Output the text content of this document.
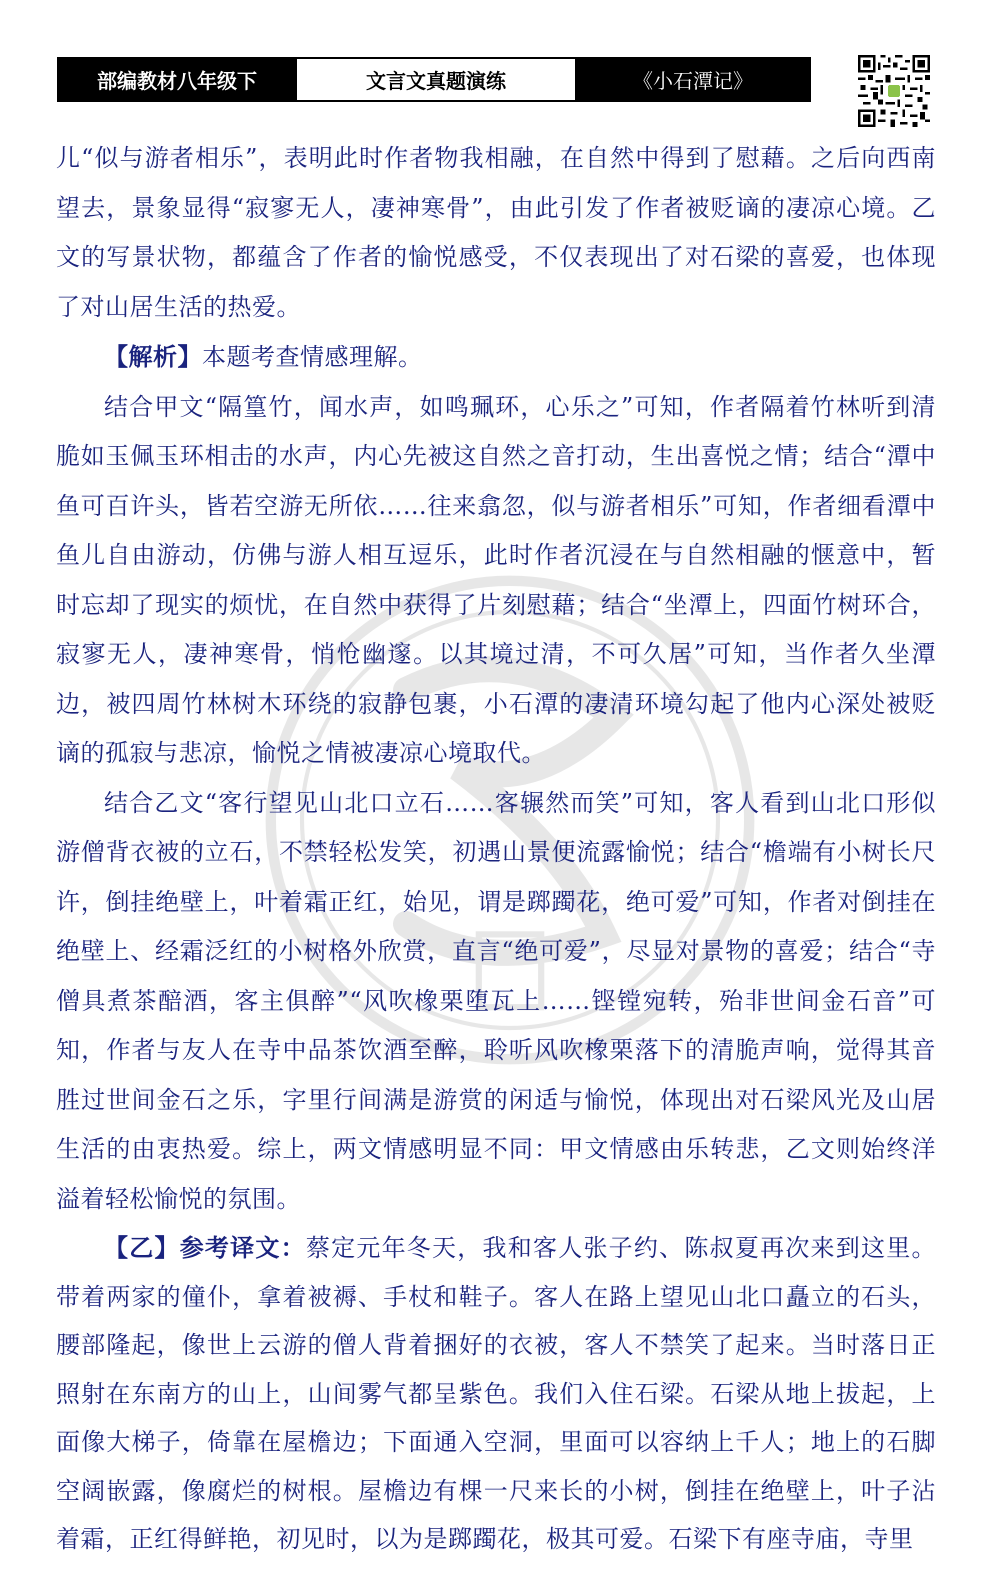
部编教材八年级下	文言文真题演练	《小石潭记》

儿“似与游者相乐”，表明此时作者物我相融，在自然中得到了慰藉。之后向西南望去，景象显得“寂寥无人，凄神寒骨”，由此引发了作者被贬谪的凄凉心境。乙文的写景状物，都蕴含了作者的愉悦感受，不仅表现出了对石梁的喜爱，也体现了对山居生活的热爱。

【解析】本题考查情感理解。

结合甲文“隔篁竹，闻水声，如鸣珮环，心乐之”可知，作者隔着竹林听到清脆如玉佩玉环相击的水声，内心先被这自然之音打动，生出喜悦之情；结合“潭中鱼可百许头，皆若空游无所依……往来翕忽，似与游者相乐”可知，作者细看潭中鱼儿自由游动，仿佛与游人相互逗乐，此时作者沉浸在与自然相融的惬意中，暂时忘却了现实的烦忧，在自然中获得了片刻慰藉；结合“坐潭上，四面竹树环合，寂寥无人，凄神寒骨，悄怆幽邃。以其境过清，不可久居”可知，当作者久坐潭边，被四周竹林树木环绕的寂静包裹，小石潭的凄清环境勾起了他内心深处被贬谪的孤寂与悲凉，愉悦之情被凄凉心境取代。

结合乙文“客行望见山北口立石……客辗然而笑”可知，客人看到山北口形似游僧背衣被的立石，不禁轻松发笑，初遇山景便流露愉悦；结合“檐端有小树长尺许，倒挂绝壁上，叶着霜正红，始见，谓是踯躅花，绝可爱”可知，作者对倒挂在绝壁上、经霜泛红的小树格外欣赏，直言“绝可爱”，尽显对景物的喜爱；结合“寺僧具煮茶醅酒，客主俱醉”“风吹橡栗堕瓦上……铿镗宛转，殆非世间金石音”可知，作者与友人在寺中品茶饮酒至醉，聆听风吹橡栗落下的清脆声响，觉得其音胜过世间金石之乐，字里行间满是游赏的闲适与愉悦，体现出对石梁风光及山居生活的由衷热爱。综上，两文情感明显不同：甲文情感由乐转悲，乙文则始终洋溢着轻松愉悦的氛围。

【乙】参考译文：蔡定元年冬天，我和客人张子约、陈叔夏再次来到这里。带着两家的僮仆，拿着被褥、手杖和鞋子。客人在路上望见山北口矗立的石头，腰部隆起，像世上云游的僧人背着捆好的衣被，客人不禁笑了起来。当时落日正照射在东南方的山上，山间雾气都呈紫色。我们入住石梁。石梁从地上拔起，上面像大梯子，倚靠在屋檐边；下面通入空洞，里面可以容纳上千人；地上的石脚空阔嵌露，像腐烂的树根。屋檐边有棵一尺来长的小树，倒挂在绝壁上，叶子沾着霜，正红得鲜艳，初见时，以为是踯躅花，极其可爱。石梁下有座寺庙，寺里
